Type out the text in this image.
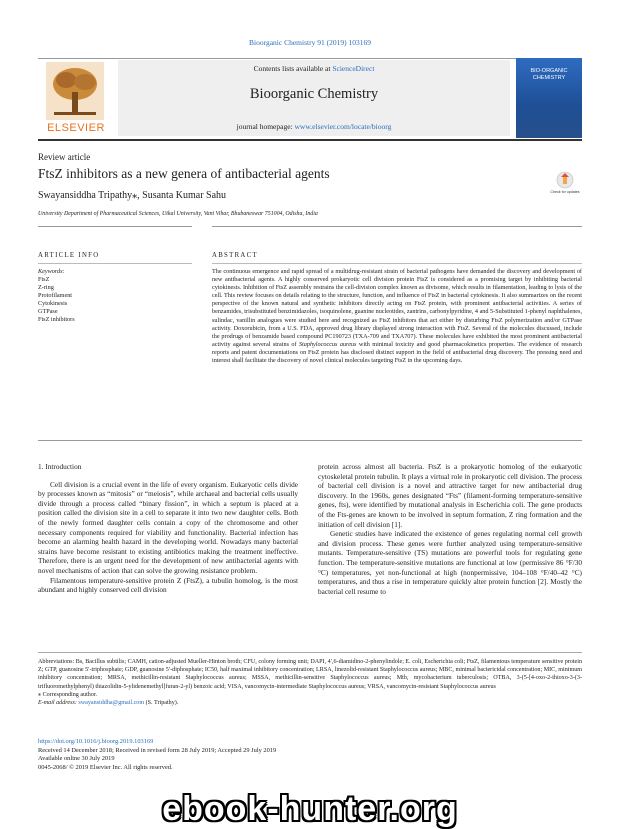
Bioorganic Chemistry 91 (2019) 103169
ELSEVIER
Contents lists available at ScienceDirect
Bioorganic Chemistry
journal homepage: www.elsevier.com/locate/bioorg
BIO-ORGANIC CHEMISTRY
Review article
FtsZ inhibitors as a new genera of antibacterial agents
Swayansiddha Tripathy⁎, Susanta Kumar Sahu
University Department of Pharmaceutical Sciences, Utkal University, Vani Vihar, Bhubaneswar 751004, Odisha, India
Check for updates
ARTICLE INFO	ABSTRACT
Keywords:
FtsZ
Z-ring
Protofilament
Cytokinesis
GTPase
FtsZ inhibitors
The continuous emergence and rapid spread of a multidrug-resistant strain of bacterial pathogens have demanded the discovery and development of new antibacterial agents. A highly conserved prokaryotic cell division protein FtsZ is considered as a promising target by inhibiting bacterial cytokinesis. Inhibition of FtsZ assembly restrains the cell-division complex known as divisome, which results in filamentation, leading to lysis of the cell. This review focuses on details relating to the structure, function, and influence of FtsZ in bacterial cytokinesis. It also summarizes on the recent perspective of the known natural and synthetic inhibitors directly acting on FtsZ protein, with prominent antibacterial activities. A series of benzamides, trisubstituted benzimidazoles, isoquinolene, guanine nucleotides, zantrins, carbonylpyridine, 4 and 5-Substituted 1-phenyl naphthalenes, sulindac, vanillin analogues were studied here and recognized as FtsZ inhibitors that act either by disturbing FtsZ polymerization and/or GTPase activity. Doxorubicin, from a U.S. FDA, approved drug library displayed strong interaction with FtsZ. Several of the molecules discussed, include the prodrugs of benzamide based compound PC190723 (TXA-709 and TXA707). These molecules have exhibited the most prominent antibacterial activity against several strains of Staphylococcus aureus with minimal toxicity and good pharmacokinetics properties. The evidence of research reports and patent documentations on FtsZ protein has disclosed distinct support in the field of antibacterial drug discovery. The pressing need and interest shall facilitate the discovery of novel clinical molecules targeting FtsZ in the upcoming days.
1. Introduction

Cell division is a crucial event in the life of every organism. Eukaryotic cells divide by processes known as “mitosis” or “meiosis”, while archaeal and bacterial cells usually divide through a process called “binary fission”, in which a septum is placed at a position called the division site in a cell to separate it into two new daughter cells. Both of the newly formed daughter cells contain a copy of the chromosome and other necessary components required for viability and functionality. Bacterial infection has become an alarming health hazard in the developing world. Nowadays many bacterial strains have become resistant to existing antibiotics making the treatment ineffective. Therefore, there is an urgent need for the development of new antibacterial agents with novel mechanisms of action that can solve the growing resistance problem.

Filamentous temperature-sensitive protein Z (FtsZ), a tubulin homolog, is the most abundant and highly conserved cell division

protein across almost all bacteria. FtsZ is a prokaryotic homolog of the eukaryotic cytoskeletal protein tubulin. It plays a virtual role in prokaryotic cell division. The process of bacterial cell division is a novel and attractive target for new antibacterial drug discovery. In the 1960s, genes designated “Fts” (filament-forming temperature-sensitive genes, fts), were identified by mutational analysis in Escherichia coli. The gene products of the Fts-genes are known to be involved in septum formation, Z ring formation and the initiation of cell division [1].

Genetic studies have indicated the existence of genes regulating normal cell growth and division process. These genes were further analyzed using temperature-sensitive mutants. Temperature-sensitive (TS) mutations are powerful tools for regulating gene function. The temperature-sensitive mutations are functional at low (permissive 86 °F/30 °C) temperatures, yet non-functional at high (nonpermissive, 104–108 °F/40–42 °C) temperatures, and thus a rise in temperature quickly alter protein function [2]. Mostly the bacterial cell resume to

Abbreviations: Bs, Bacillus subtilis; CAMH, cation-adjusted Mueller-Hinton broth; CFU, colony forming unit; DAPI, 4′,6-diamidino-2-phenylindole; E. coli, Escherichia coli; FtsZ, filamentous temperature sensitive protein Z; GTP, guanosine 5′-triphosphate; GDP, guanosine 5′-diphosphate; IC50, half maximal inhibitory concentration; LRSA, linezolid-resistant Staphylococcus aureus; MBC, minimal bactericidal concentration; MIC, minimum inhibitory concentration; MRSA, methicillin-resistant Staphylococcus aureus; MSSA, methicillin-sensitive Staphylococcus aureus; Mtb, mycobacterium tuberculosis; OTBA, 3-(5-[4-oxo-2-thioxo-3-(3-trifluoromethylphenyl) thiazolidin-5-ylidenemethyl]furan-2-yl) benzoic acid; VISA, vancomycin-intermediate Staphylococcus aureus; VRSA, vancomycin-resistant Staphylococcus aureus
⁎ Corresponding author.
E-mail address: swayansiddha@gmail.com (S. Tripathy).
https://doi.org/10.1016/j.bioorg.2019.103169
Received 14 December 2018; Received in revised form 28 July 2019; Accepted 29 July 2019
Available online 30 July 2019
0045-2068/ © 2019 Elsevier Inc. All rights reserved.
ebook-hunter.org
